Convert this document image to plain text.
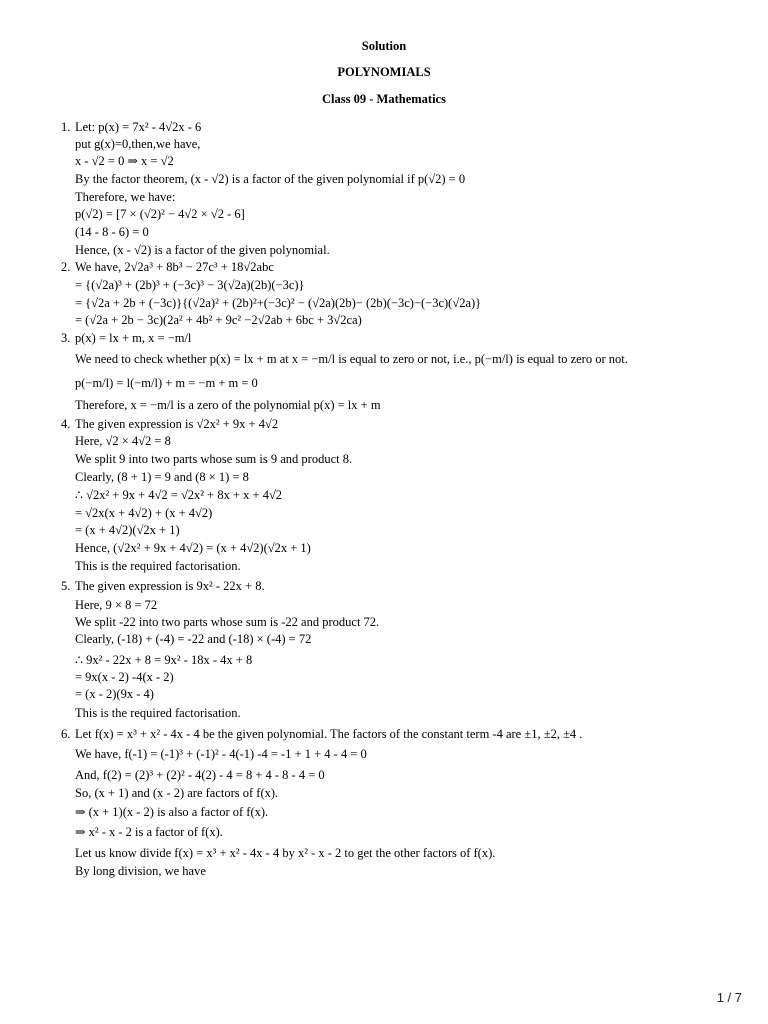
Solution
POLYNOMIALS
Class 09 - Mathematics
1. Let: p(x) = 7x² - 4√2x - 6
put g(x)=0,then,we have,
x - √2 = 0 ⇒ x = √2
By the factor theorem, (x - √2) is a factor of the given polynomial if p(√2) = 0
Therefore, we have:
p(√2) = [7 × (√2)² − 4√2 × √2 - 6]
(14 - 8 - 6) = 0
Hence, (x - √2) is a factor of the given polynomial.
2. We have, 2√2a³ + 8b³ − 27c³ + 18√2abc
= {(√2a)³ + (2b)³ + (−3c)³ − 3(√2a)(2b)(−3c)}
= {√2a + 2b + (−3c)}{(√2a)² + (2b)²+(−3c)² − (√2a)(2b)− (2b)(−3c)−(−3c)(√2a)}
= (√2a + 2b − 3c)(2a² + 4b² + 9c² −2√2ab + 6bc + 3√2ca)
3. p(x) = lx + m, x = −m/l
We need to check whether p(x) = lx + m at x = −m/l is equal to zero or not, i.e., p(−m/l) is equal to zero or not.
p(−m/l) = l(−m/l) + m = −m + m = 0
Therefore, x = −m/l is a zero of the polynomial p(x) = lx + m
4. The given expression is √2x² + 9x + 4√2
Here, √2 × 4√2 = 8
We split 9 into two parts whose sum is 9 and product 8.
Clearly, (8 + 1) = 9 and (8 × 1) = 8
∴ √2x² + 9x + 4√2 = √2x² + 8x + x + 4√2
= √2x(x + 4√2) + (x + 4√2)
= (x + 4√2)(√2x + 1)
Hence, (√2x² + 9x + 4√2) = (x + 4√2)(√2x + 1)
This is the required factorisation.
5. The given expression is 9x² - 22x + 8.
Here, 9 × 8 = 72
We split -22 into two parts whose sum is -22 and product 72.
Clearly, (-18) + (-4) = -22 and (-18) × (-4) = 72
∴ 9x² - 22x + 8 = 9x² - 18x - 4x + 8
= 9x(x - 2) -4(x - 2)
= (x - 2)(9x - 4)
This is the required factorisation.
6. Let f(x) = x³ + x² - 4x - 4 be the given polynomial. The factors of the constant term -4 are ±1, ±2, ±4 .
We have, f(-1) = (-1)³ + (-1)² - 4(-1) -4 = -1 + 1 + 4 - 4 = 0
And, f(2) = (2)³ + (2)² - 4(2) - 4 = 8 + 4 - 8 - 4 = 0
So, (x + 1) and (x - 2) are factors of f(x).
⇒ (x + 1)(x - 2) is also a factor of f(x).
⇒ x² - x - 2 is a factor of f(x).
Let us know divide f(x) = x³ + x² - 4x - 4 by x² - x - 2 to get the other factors of f(x).
By long division, we have
1 / 7
